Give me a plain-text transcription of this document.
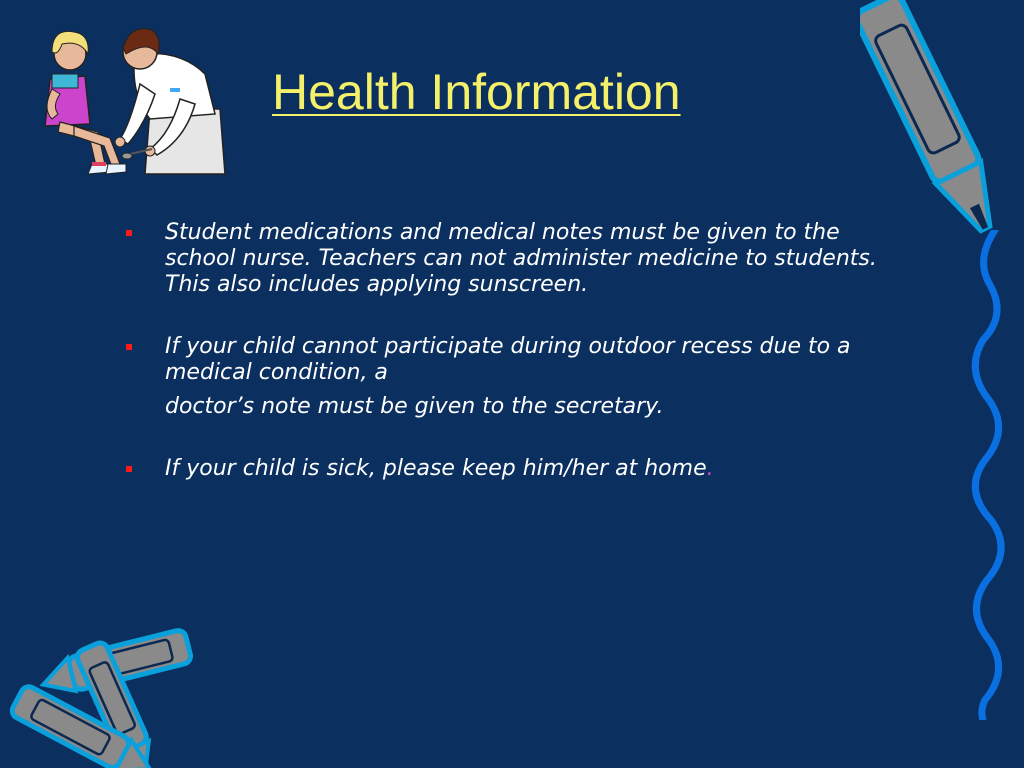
Health Information
Student medications and medical notes must be given to the school nurse. Teachers can not administer medicine to students. This also includes applying sunscreen.
If your child cannot participate during outdoor recess due to a medical condition, a
doctor’s note must be given to the secretary.
If your child is sick, please keep him/her at home.
